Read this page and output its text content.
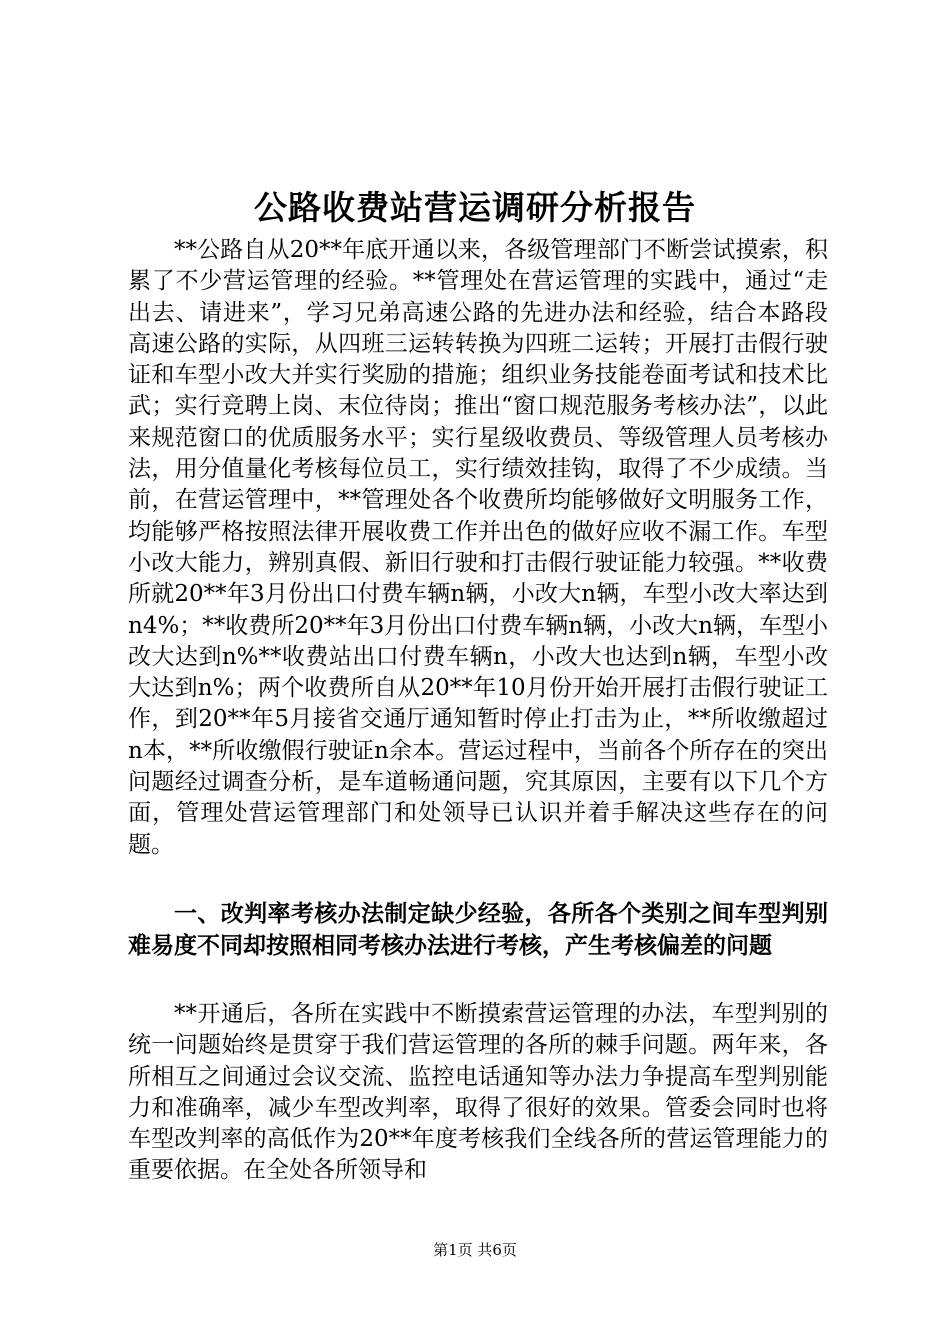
公路收费站营运调研分析报告

**公路自从20**年底开通以来，各级管理部门不断尝试摸索，积累了不少营运管理的经验。**管理处在营运管理的实践中，通过“走出去、请进来”，学习兄弟高速公路的先进办法和经验，结合本路段高速公路的实际，从四班三运转转换为四班二运转；开展打击假行驶证和车型小改大并实行奖励的措施；组织业务技能卷面考试和技术比武；实行竞聘上岗、末位待岗；推出“窗口规范服务考核办法”，以此来规范窗口的优质服务水平；实行星级收费员、等级管理人员考核办法，用分值量化考核每位员工，实行绩效挂钩，取得了不少成绩。当前，在营运管理中，**管理处各个收费所均能够做好文明服务工作，均能够严格按照法律开展收费工作并出色的做好应收不漏工作。车型小改大能力，辨别真假、新旧行驶和打击假行驶证能力较强。**收费所就20**年3月份出口付费车辆n辆，小改大n辆，车型小改大率达到n4%；**收费所20**年3月份出口付费车辆n辆，小改大n辆，车型小改大达到n%**收费站出口付费车辆n，小改大也达到n辆，车型小改大达到n%；两个收费所自从20**年10月份开始开展打击假行驶证工作，到20**年5月接省交通厅通知暂时停止打击为止，**所收缴超过n本，**所收缴假行驶证n余本。营运过程中，当前各个所存在的突出问题经过调查分析，是车道畅通问题，究其原因，主要有以下几个方面，管理处营运管理部门和处领导已认识并着手解决这些存在的问题。

一、改判率考核办法制定缺少经验，各所各个类别之间车型判别难易度不同却按照相同考核办法进行考核，产生考核偏差的问题

**开通后，各所在实践中不断摸索营运管理的办法，车型判别的统一问题始终是贯穿于我们营运管理的各所的棘手问题。两年来，各所相互之间通过会议交流、监控电话通知等办法力争提高车型判别能力和准确率，减少车型改判率，取得了很好的效果。管委会同时也将车型改判率的高低作为20**年度考核我们全线各所的营运管理能力的重要依据。在全处各所领导和

第1页 共6页
